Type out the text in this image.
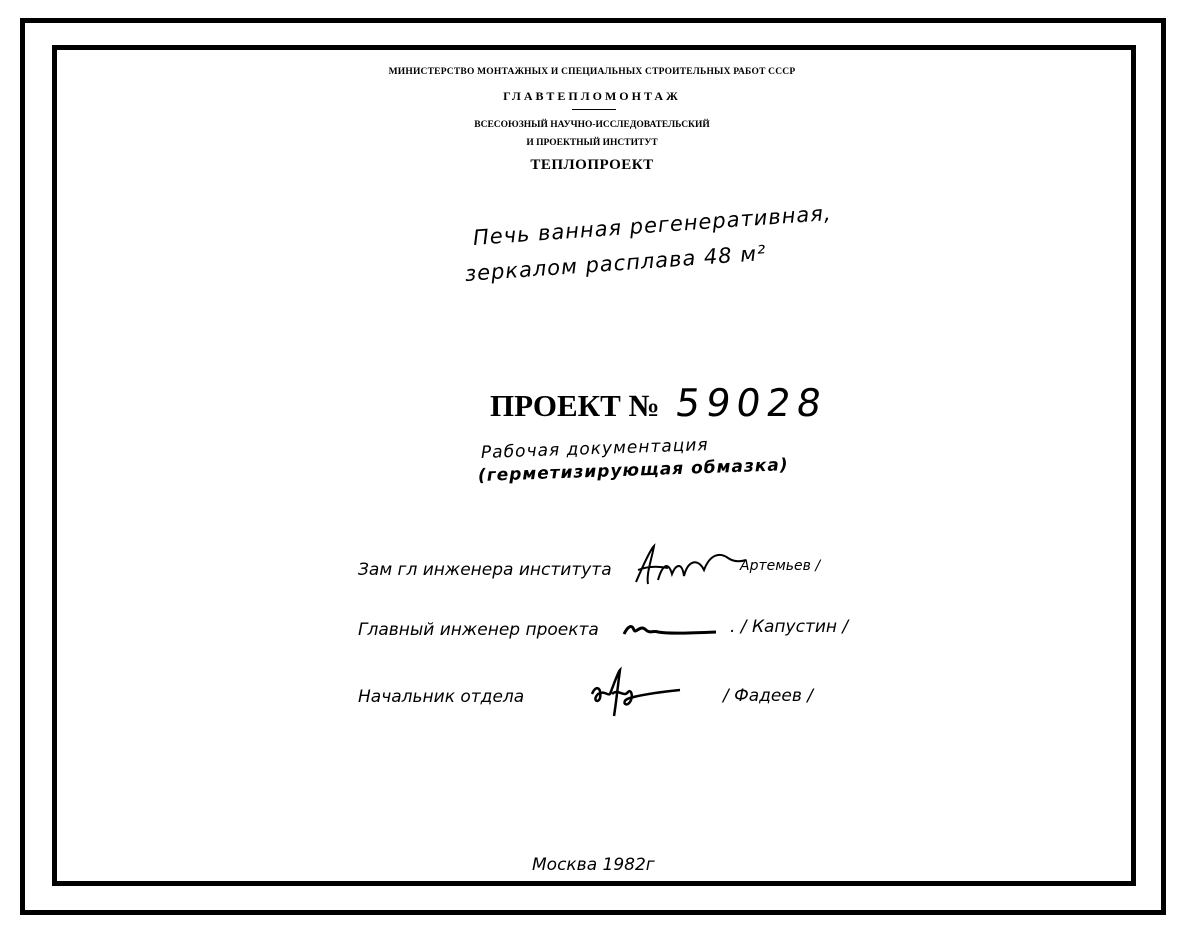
МИНИСТЕРСТВО МОНТАЖНЫХ И СПЕЦИАЛЬНЫХ СТРОИТЕЛЬНЫХ РАБОТ СССР
ГЛАВТЕПЛОМОНТАЖ
ВСЕСОЮЗНЫЙ НАУЧНО-ИССЛЕДОВАТЕЛЬСКИЙ
И ПРОЕКТНЫЙ ИНСТИТУТ
ТЕПЛОПРОЕКТ
Печь ванная регенеративная,
зеркалом расплава 48 м²
ПРОЕКТ № 59028
Рабочая документация
(герметизирующая обмазка)
Зам гл инженера института	Артемьев /
Главный инженер проекта	. / Капустин /
Начальник отдела	/ Фадеев /
Москва 1982г
